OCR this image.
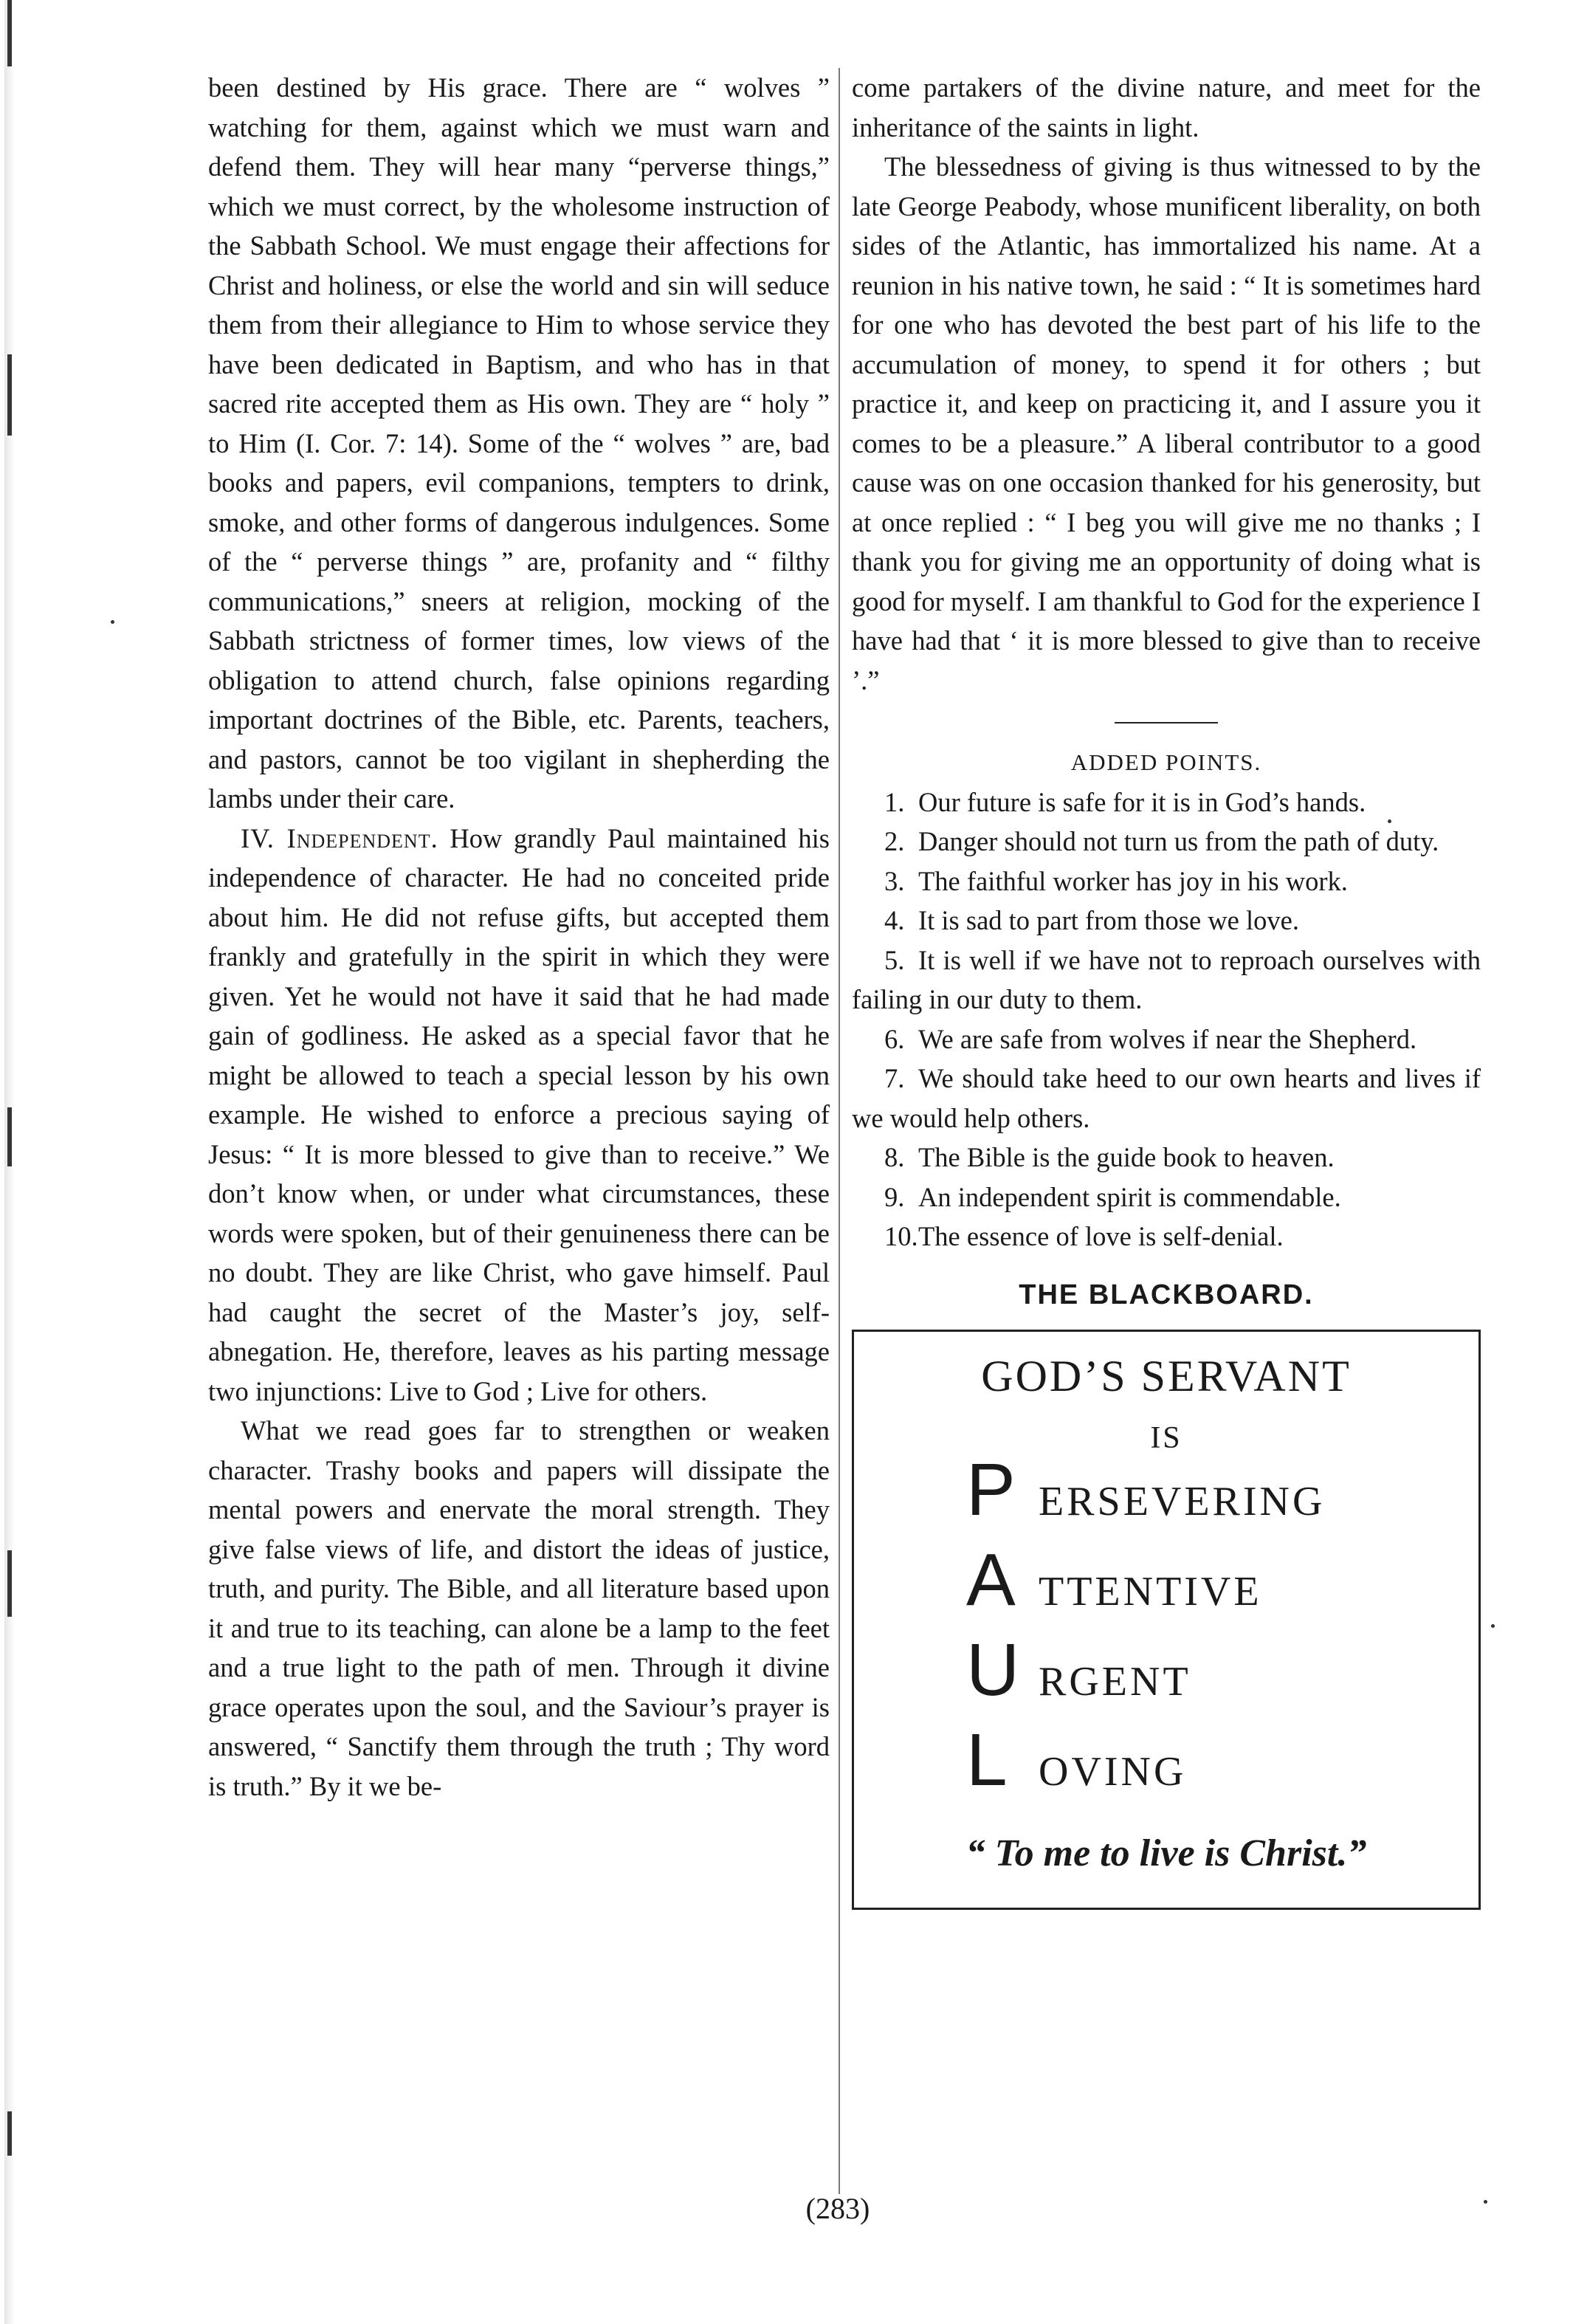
been destined by His grace. There are “ wolves ” watching for them, against which we must warn and defend them. They will hear many “perverse things,” which we must correct, by the wholesome instruction of the Sabbath School. We must engage their affections for Christ and holiness, or else the world and sin will seduce them from their allegiance to Him to whose service they have been dedicated in Baptism, and who has in that sacred rite accepted them as His own. They are “ holy ” to Him (I. Cor. 7: 14). Some of the “ wolves ” are, bad books and papers, evil companions, tempters to drink, smoke, and other forms of dangerous indulgences. Some of the “ perverse things ” are, profanity and “ filthy communications,” sneers at religion, mocking of the Sabbath strictness of former times, low views of the obligation to attend church, false opinions regarding important doctrines of the Bible, etc. Parents, teachers, and pastors, cannot be too vigilant in shepherding the lambs under their care.

IV. Independent. How grandly Paul maintained his independence of character. He had no conceited pride about him. He did not refuse gifts, but accepted them frankly and gratefully in the spirit in which they were given. Yet he would not have it said that he had made gain of godliness. He asked as a special favor that he might be allowed to teach a special lesson by his own example. He wished to enforce a precious saying of Jesus: “ It is more blessed to give than to receive.” We don’t know when, or under what circumstances, these words were spoken, but of their genuineness there can be no doubt. They are like Christ, who gave himself. Paul had caught the secret of the Master’s joy, self-abnegation. He, therefore, leaves as his parting message two injunctions: Live to God ; Live for others.

What we read goes far to strengthen or weaken character. Trashy books and papers will dissipate the mental powers and enervate the moral strength. They give false views of life, and distort the ideas of justice, truth, and purity. The Bible, and all literature based upon it and true to its teaching, can alone be a lamp to the feet and a true light to the path of men. Through it divine grace operates upon the soul, and the Saviour’s prayer is answered, “ Sanctify them through the truth ; Thy word is truth.” By it we be-

come partakers of the divine nature, and meet for the inheritance of the saints in light.

The blessedness of giving is thus witnessed to by the late George Peabody, whose munificent liberality, on both sides of the Atlantic, has immortalized his name. At a reunion in his native town, he said : “ It is sometimes hard for one who has devoted the best part of his life to the accumulation of money, to spend it for others ; but practice it, and keep on practicing it, and I assure you it comes to be a pleasure.” A liberal contributor to a good cause was on one occasion thanked for his generosity, but at once replied : “ I beg you will give me no thanks ; I thank you for giving me an opportunity of doing what is good for myself. I am thankful to God for the experience I have had that ‘ it is more blessed to give than to receive ’.”

ADDED POINTS.

1. Our future is safe for it is in God’s hands.

2. Danger should not turn us from the path of duty.

3. The faithful worker has joy in his work.

4. It is sad to part from those we love.

5. It is well if we have not to reproach ourselves with failing in our duty to them.

6. We are safe from wolves if near the Shepherd.

7. We should take heed to our own hearts and lives if we would help others.

8. The Bible is the guide book to heaven.

9. An independent spirit is commendable.

10.The essence of love is self-denial.

THE BLACKBOARD.
GOD’S SERVANT
IS
PERSEVERING
ATTENTIVE
URGENT
LOVING
“ To me to live is Christ.”
(283)
